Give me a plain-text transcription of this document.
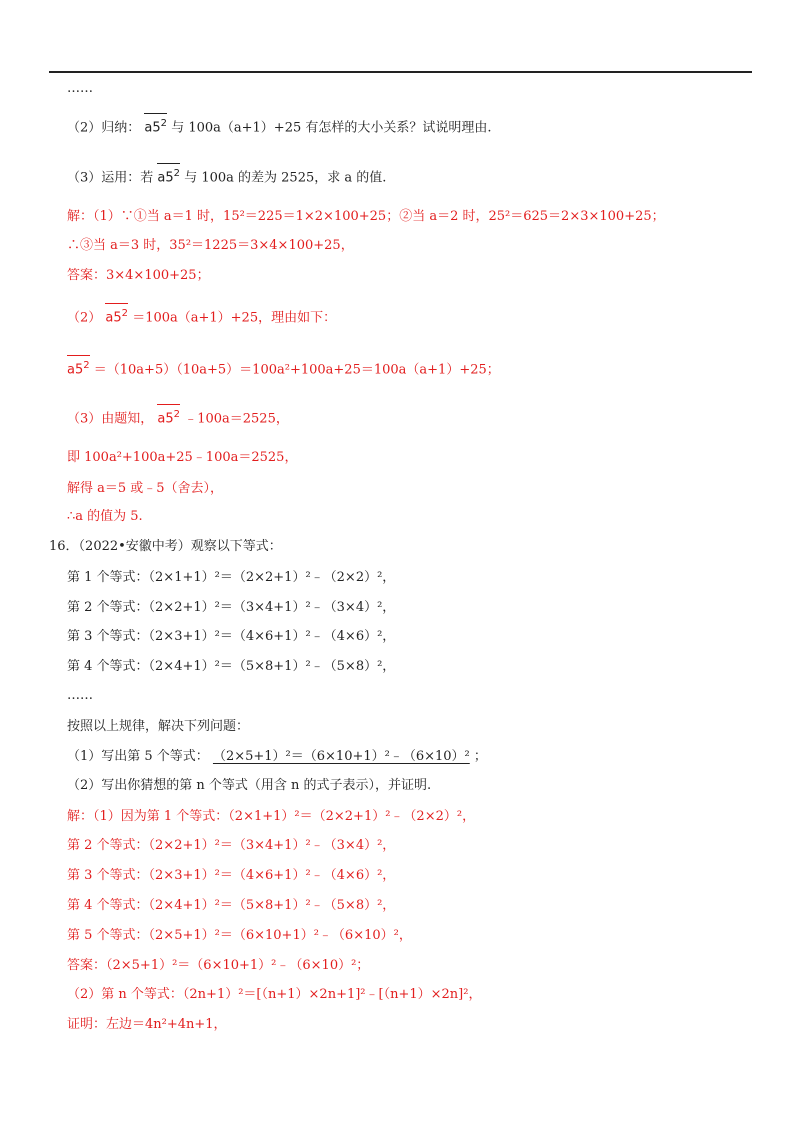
……
（2）归纳： $a5^2$ 与 100a（a+1）+25 有怎样的大小关系？试说明理由.
（3）运用：若 $a5^2$ 与 100a 的差为 2525，求 a 的值.
解：（1）∵①当 a＝1 时，15²＝225＝1×2×100+25；②当 a＝2 时，25²＝625＝2×3×100+25；
∴③当 a＝3 时，35²＝1225＝3×4×100+25，
答案：3×4×100+25；
（2） $a5^2 =100a(a+1)+25$，理由如下：
$a5^2 =(10a+5)(10a+5)=100a^2+100a+25=100a(a+1)+25$；
（3）由题知， $a5^2$ ﹣100a＝2525，
即 100a²+100a+25﹣100a＝2525，
解得 a＝5 或﹣5（舍去），
∴a 的值为 5.
16．（2022•安徽中考）观察以下等式：
第 1 个等式：（2×1+1）²＝（2×2+1）²﹣（2×2）²，
第 2 个等式：（2×2+1）²＝（3×4+1）²﹣（3×4）²，
第 3 个等式：（2×3+1）²＝（4×6+1）²﹣（4×6）²，
第 4 个等式：（2×4+1）²＝（5×8+1）²﹣（5×8）²，
……
按照以上规律，解决下列问题：
（1）写出第 5 个等式： （2×5+1）²＝（6×10+1）²﹣（6×10）² ；
（2）写出你猜想的第 n 个等式（用含 n 的式子表示），并证明.
解：（1）因为第 1 个等式：（2×1+1）²＝（2×2+1）²﹣（2×2）²，
第 2 个等式：（2×2+1）²＝（3×4+1）²﹣（3×4）²，
第 3 个等式：（2×3+1）²＝（4×6+1）²﹣（4×6）²，
第 4 个等式：（2×4+1）²＝（5×8+1）²﹣（5×8）²，
第 5 个等式：（2×5+1）²＝（6×10+1）²﹣（6×10）²，
答案：（2×5+1）²＝（6×10+1）²﹣（6×10）²；
（2）第 n 个等式：（2n+1）²＝[（n+1）×2n+1]²﹣[（n+1）×2n]²，
证明：左边＝4n²+4n+1，
